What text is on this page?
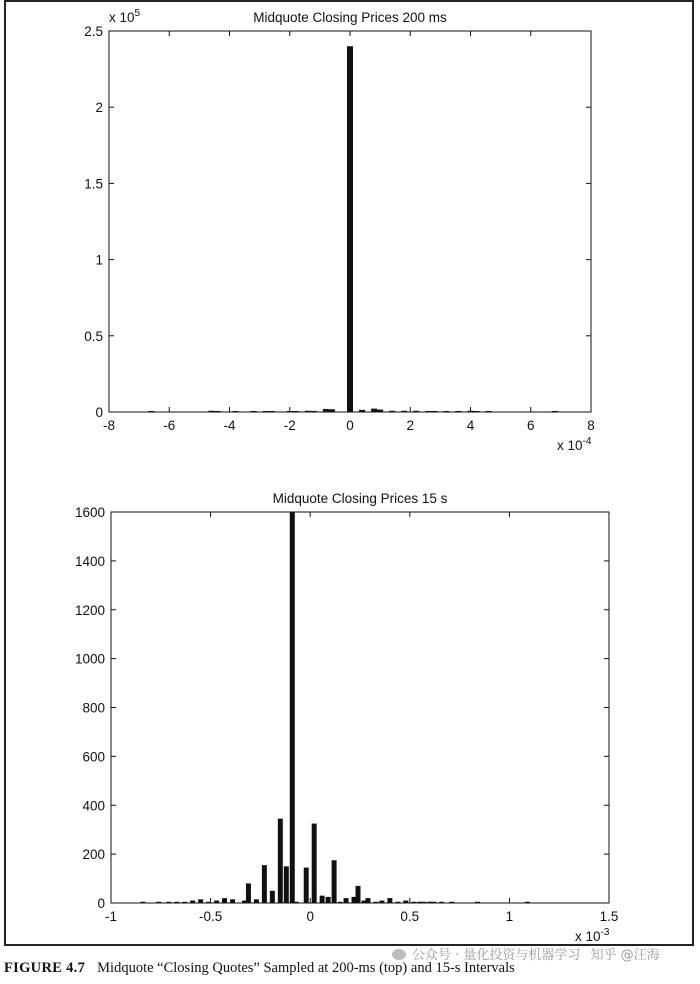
-8	-6	-4	-2	0	2	4	6	8
0
0.5
1
1.5
2
2.5
Midquote Closing Prices 200 ms
x $10^{-4}$
x $10^5$
-1	-0.5	0	0.5	1	1.5
0
200
400
600
800
1000
1200
1400
1600
Midquote Closing Prices 15 s
x $10^{-3}$
公众号 · 量化投资与机器学习 知乎 @汪海
FIGURE 4.7 Midquote “Closing Quotes” Sampled at 200-ms (top) and 15-s Intervals
